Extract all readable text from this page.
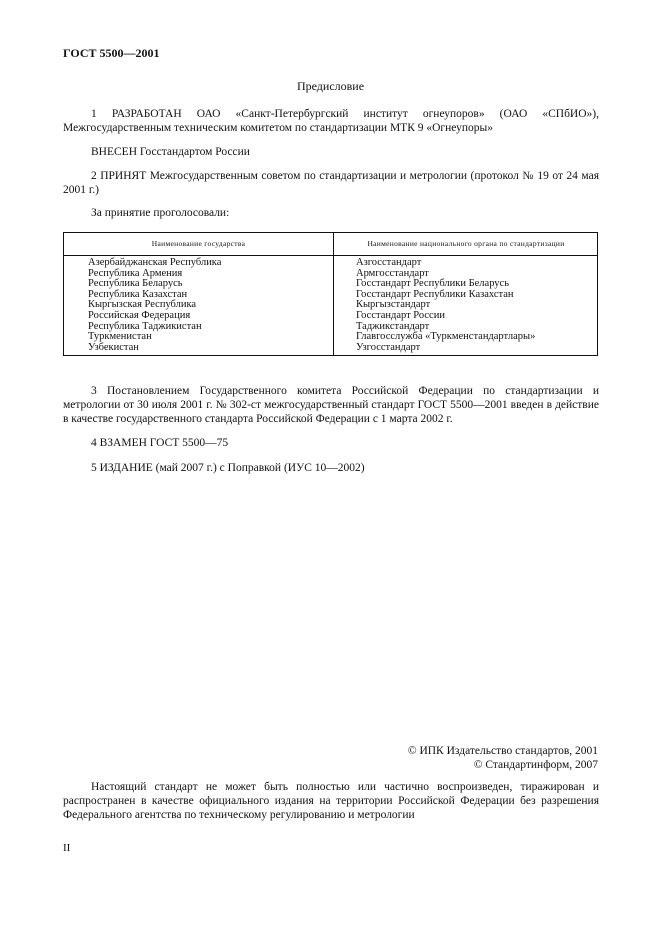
ГОСТ 5500—2001
Предисловие
1 РАЗРАБОТАН ОАО «Санкт-Петербургский институт огнеупоров» (ОАО «СПбИО»), Межгосударственным техническим комитетом по стандартизации МТК 9 «Огнеупоры»
ВНЕСЕН Госстандартом России
2 ПРИНЯТ Межгосударственным советом по стандартизации и метрологии (протокол № 19 от 24 мая 2001 г.)
За принятие проголосовали:
Наименование государства	Наименование национального органа по стандартизации
Азербайджанская Республика
Республика Армения
Республика Беларусь
Республика Казахстан
Кыргызская Республика
Российская Федерация
Республика Таджикистан
Туркменистан
Узбекистан
Азгосстандарт
Армгосстандарт
Госстандарт Республики Беларусь
Госстандарт Республики Казахстан
Кыргызстандарт
Госстандарт России
Таджикстандарт
Главгосслужба «Туркменстандартлары»
Узгосстандарт
3 Постановлением Государственного комитета Российской Федерации по стандартизации и метрологии от 30 июля 2001 г. № 302-ст межгосударственный стандарт ГОСТ 5500—2001 введен в действие в качестве государственного стандарта Российской Федерации с 1 марта 2002 г.
4 ВЗАМЕН ГОСТ 5500—75
5 ИЗДАНИЕ (май 2007 г.) с Поправкой (ИУС 10—2002)
© ИПК Издательство стандартов, 2001
© Стандартинформ, 2007
Настоящий стандарт не может быть полностью или частично воспроизведен, тиражирован и распространен в качестве официального издания на территории Российской Федерации без разрешения Федерального агентства по техническому регулированию и метрологии
II
